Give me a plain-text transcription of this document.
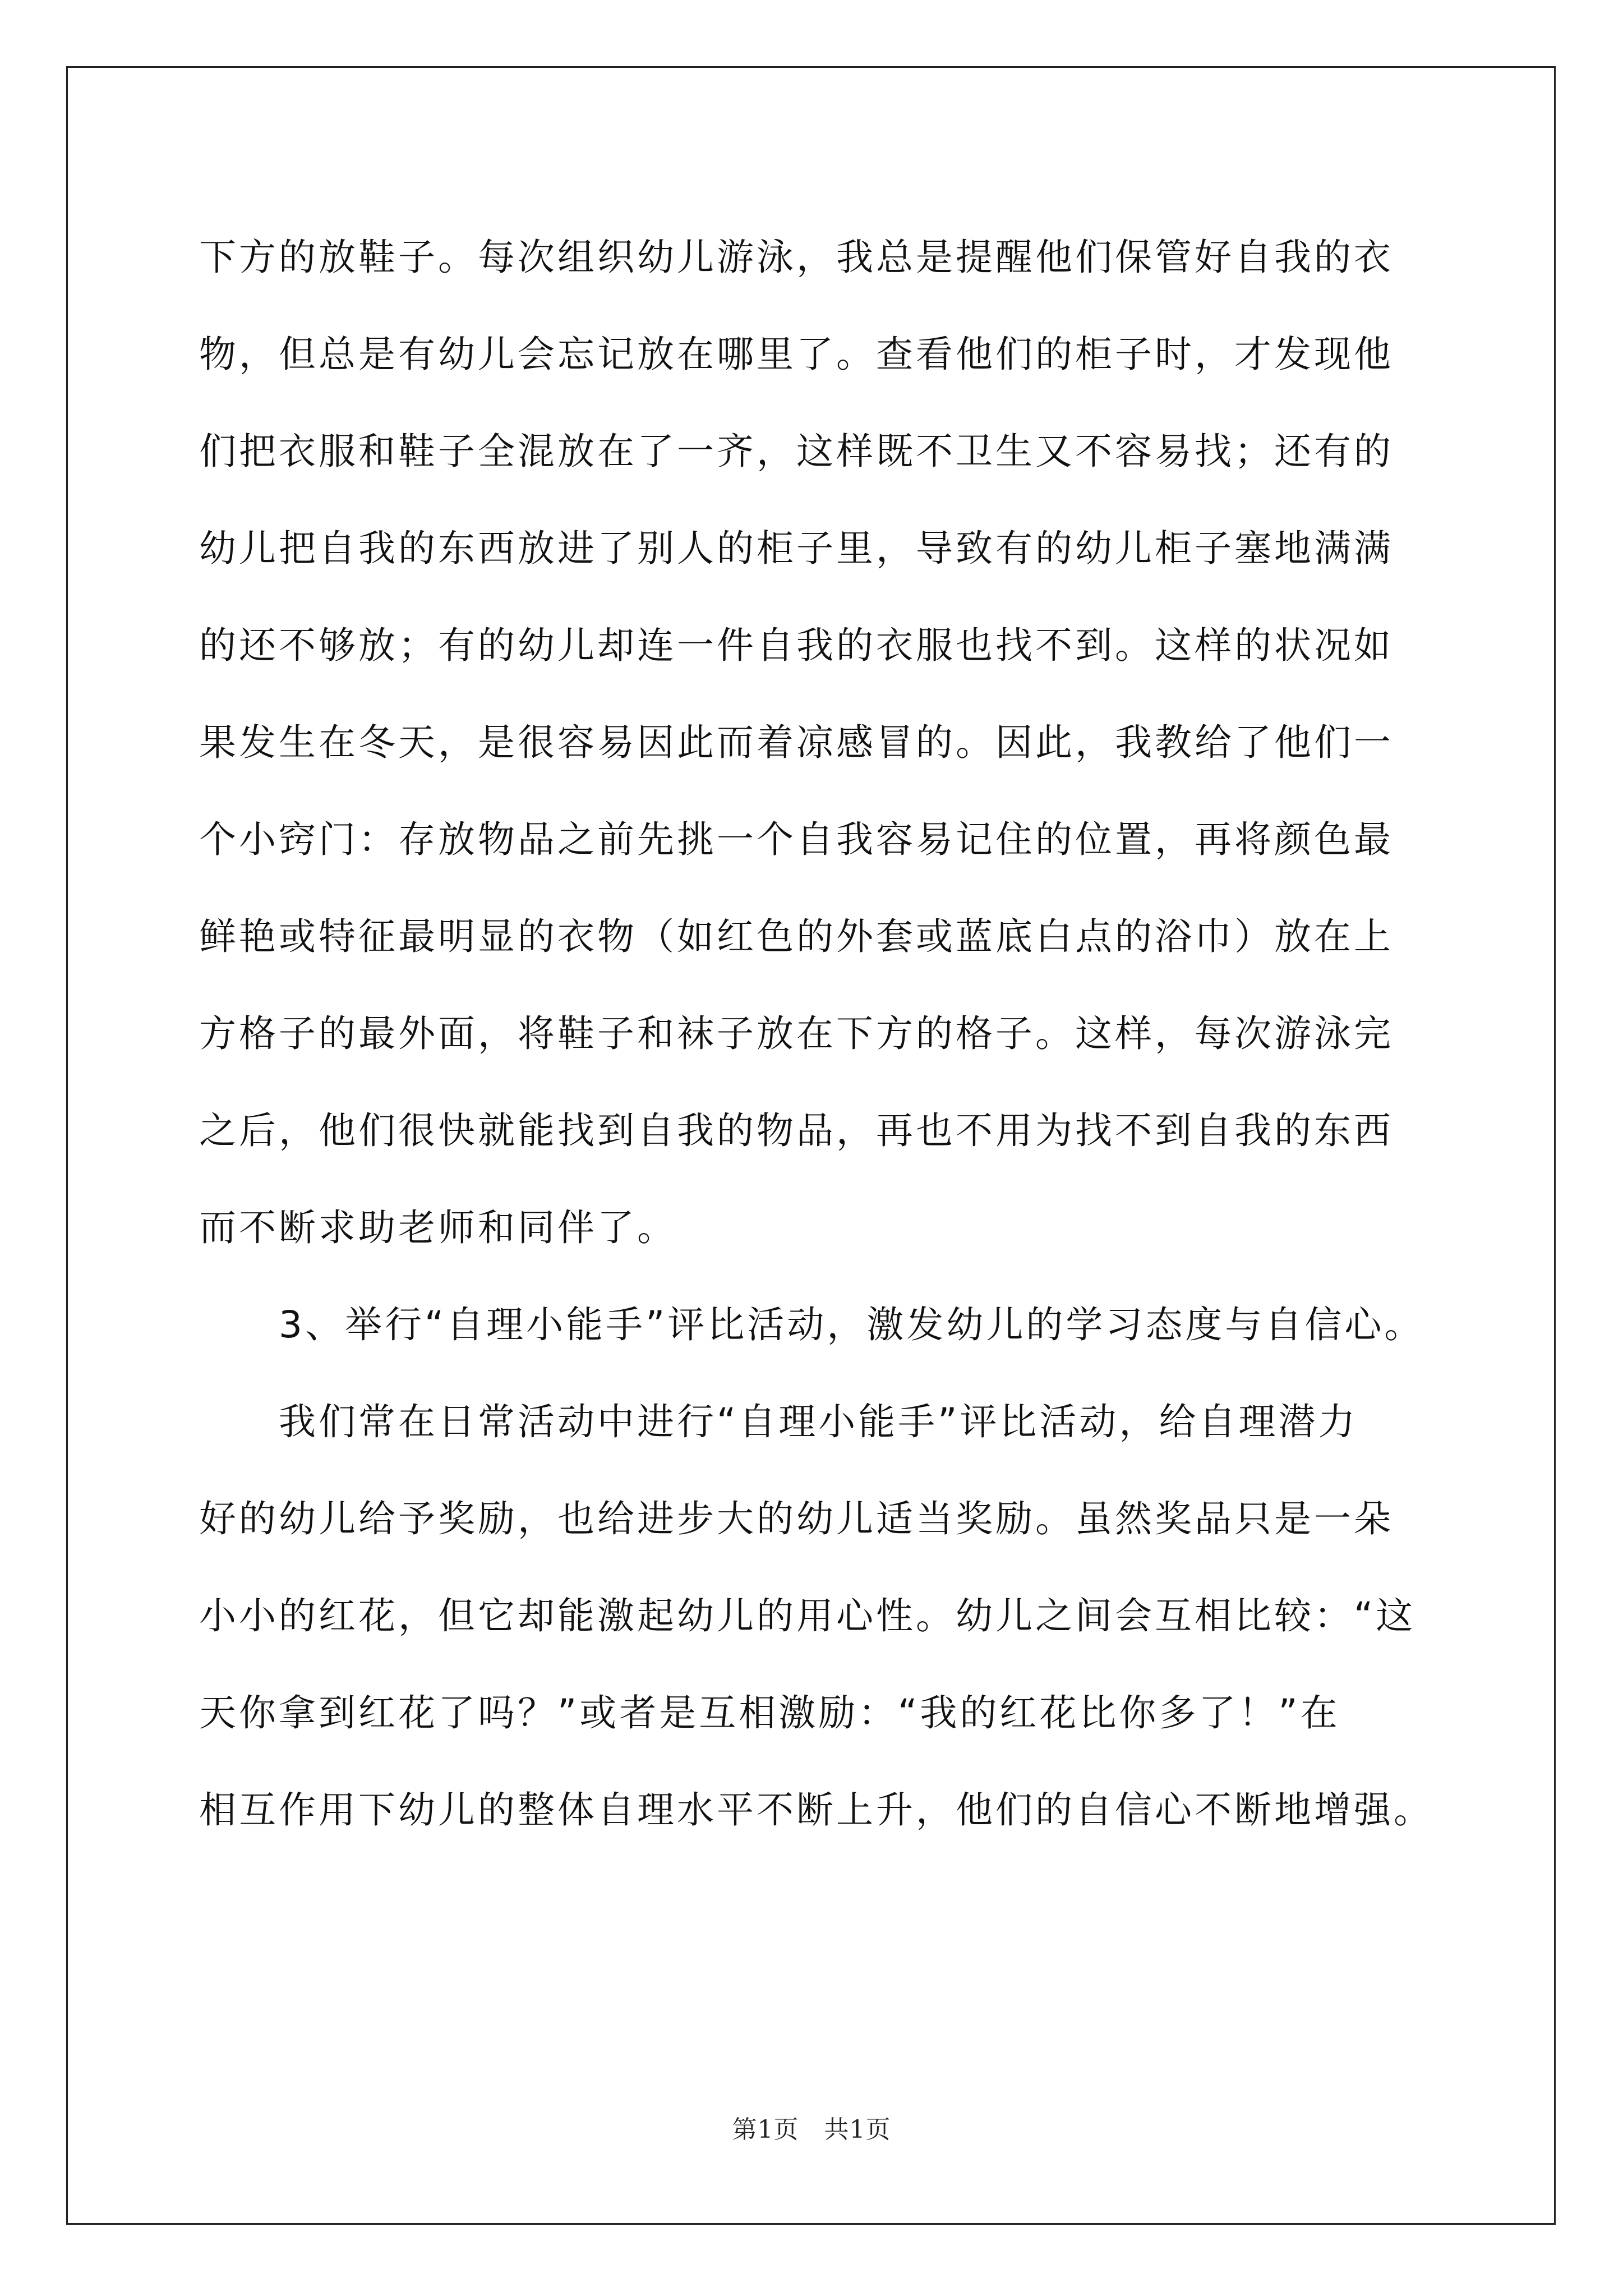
下方的放鞋子。每次组织幼儿游泳，我总是提醒他们保管好自我的衣
物，但总是有幼儿会忘记放在哪里了。查看他们的柜子时，才发现他
们把衣服和鞋子全混放在了一齐，这样既不卫生又不容易找；还有的
幼儿把自我的东西放进了别人的柜子里，导致有的幼儿柜子塞地满满
的还不够放；有的幼儿却连一件自我的衣服也找不到。这样的状况如
果发生在冬天，是很容易因此而着凉感冒的。因此，我教给了他们一
个小窍门：存放物品之前先挑一个自我容易记住的位置，再将颜色最
鲜艳或特征最明显的衣物（如红色的外套或蓝底白点的浴巾）放在上
方格子的最外面，将鞋子和袜子放在下方的格子。这样，每次游泳完
之后，他们很快就能找到自我的物品，再也不用为找不到自我的东西
而不断求助老师和同伴了。
　　3、举行“自理小能手”评比活动，激发幼儿的学习态度与自信心。
　　我们常在日常活动中进行“自理小能手”评比活动，给自理潜力
好的幼儿给予奖励，也给进步大的幼儿适当奖励。虽然奖品只是一朵
小小的红花，但它却能激起幼儿的用心性。幼儿之间会互相比较：“这
天你拿到红花了吗？”或者是互相激励：“我的红花比你多了！”在
相互作用下幼儿的整体自理水平不断上升，他们的自信心不断地增强。
第1页　共1页
